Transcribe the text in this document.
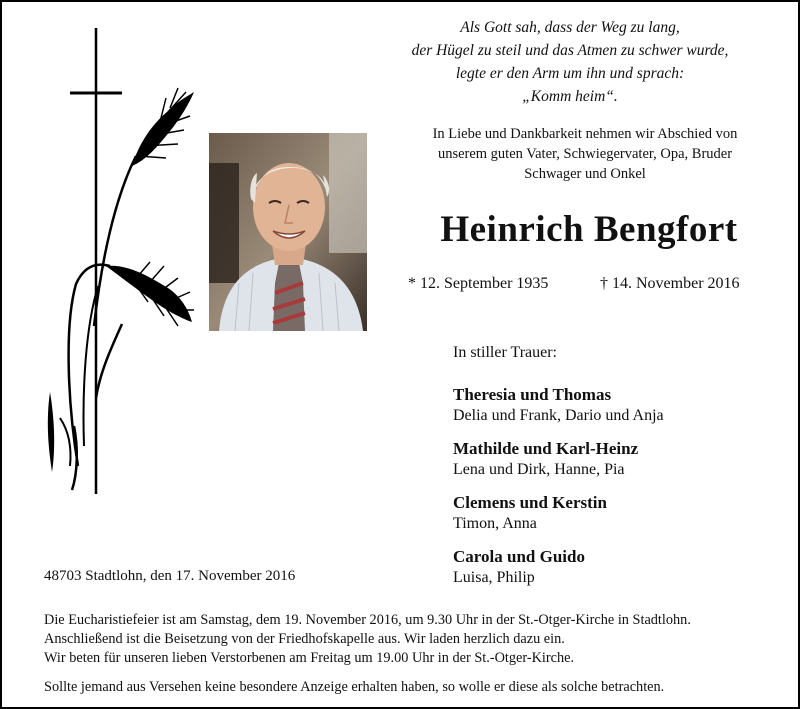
Als Gott sah, dass der Weg zu lang,
der Hügel zu steil und das Atmen zu schwer wurde,
legte er den Arm um ihn und sprach:
„Komm heim“.
In Liebe und Dankbarkeit nehmen wir Abschied von
unserem guten Vater, Schwiegervater, Opa, Bruder
Schwager und Onkel
Heinrich Bengfort
* 12. September 1935	† 14. November 2016
In stiller Trauer:
Theresia und Thomas
Delia und Frank, Dario und Anja
Mathilde und Karl-Heinz
Lena und Dirk, Hanne, Pia
Clemens und Kerstin
Timon, Anna
Carola und Guido
Luisa, Philip
48703 Stadtlohn, den 17. November 2016
Die Eucharistiefeier ist am Samstag, dem 19. November 2016, um 9.30 Uhr in der St.-Otger-Kirche in Stadtlohn.
Anschließend ist die Beisetzung von der Friedhofskapelle aus. Wir laden herzlich dazu ein.
Wir beten für unseren lieben Verstorbenen am Freitag um 19.00 Uhr in der St.-Otger-Kirche.
Sollte jemand aus Versehen keine besondere Anzeige erhalten haben, so wolle er diese als solche betrachten.
